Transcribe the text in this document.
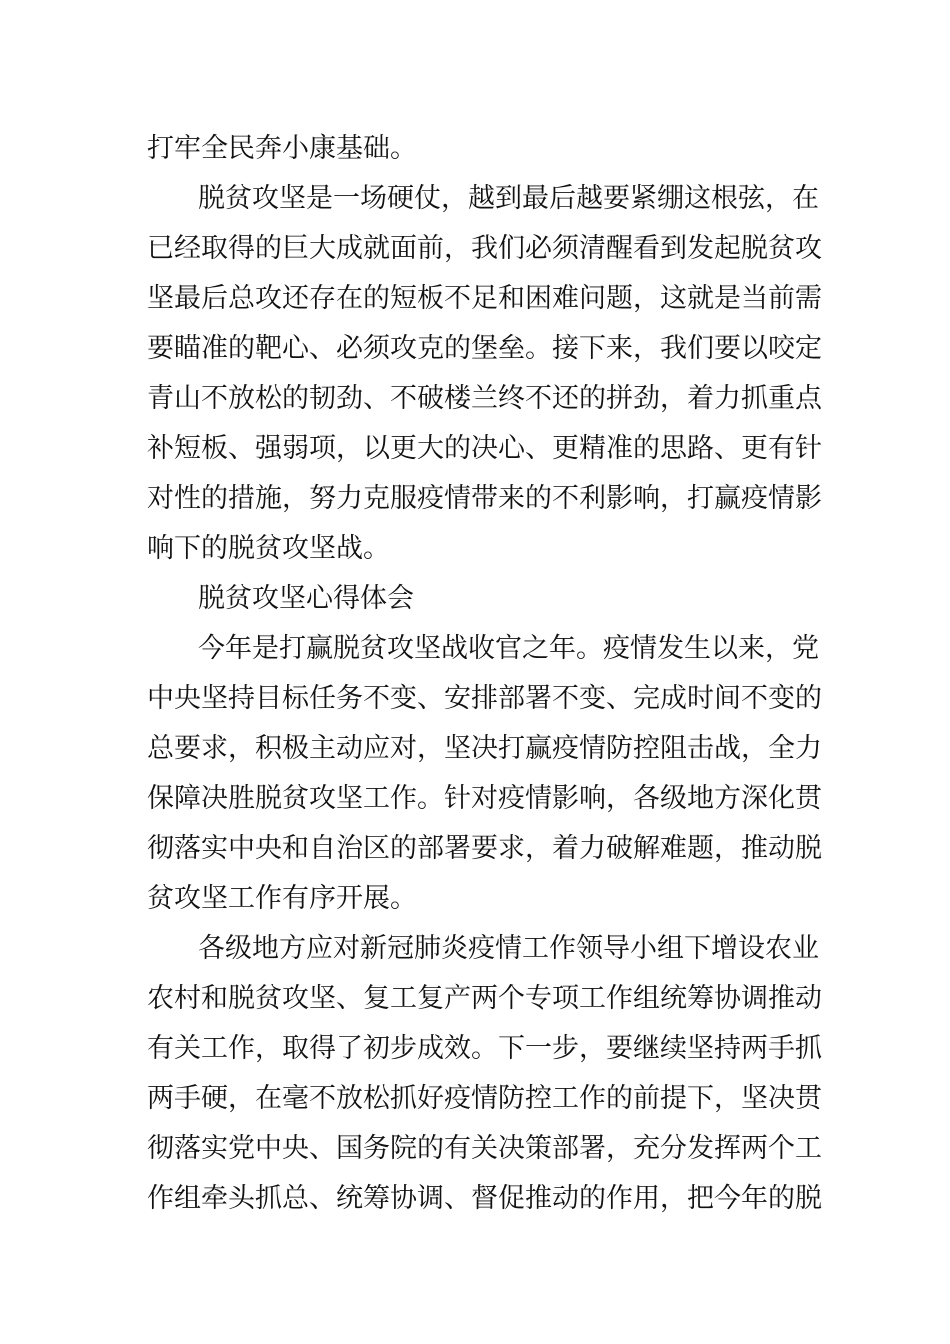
打牢全民奔小康基础。
脱贫攻坚是一场硬仗，越到最后越要紧绷这根弦，在
已经取得的巨大成就面前，我们必须清醒看到发起脱贫攻
坚最后总攻还存在的短板不足和困难问题，这就是当前需
要瞄准的靶心、必须攻克的堡垒。接下来，我们要以咬定
青山不放松的韧劲、不破楼兰终不还的拼劲，着力抓重点
补短板、强弱项，以更大的决心、更精准的思路、更有针
对性的措施，努力克服疫情带来的不利影响，打赢疫情影
响下的脱贫攻坚战。
脱贫攻坚心得体会
今年是打赢脱贫攻坚战收官之年。疫情发生以来，党
中央坚持目标任务不变、安排部署不变、完成时间不变的
总要求，积极主动应对，坚决打赢疫情防控阻击战，全力
保障决胜脱贫攻坚工作。针对疫情影响，各级地方深化贯
彻落实中央和自治区的部署要求，着力破解难题，推动脱
贫攻坚工作有序开展。
各级地方应对新冠肺炎疫情工作领导小组下增设农业
农村和脱贫攻坚、复工复产两个专项工作组统筹协调推动
有关工作，取得了初步成效。下一步，要继续坚持两手抓
两手硬，在毫不放松抓好疫情防控工作的前提下，坚决贯
彻落实党中央、国务院的有关决策部署，充分发挥两个工
作组牵头抓总、统筹协调、督促推动的作用，把今年的脱
